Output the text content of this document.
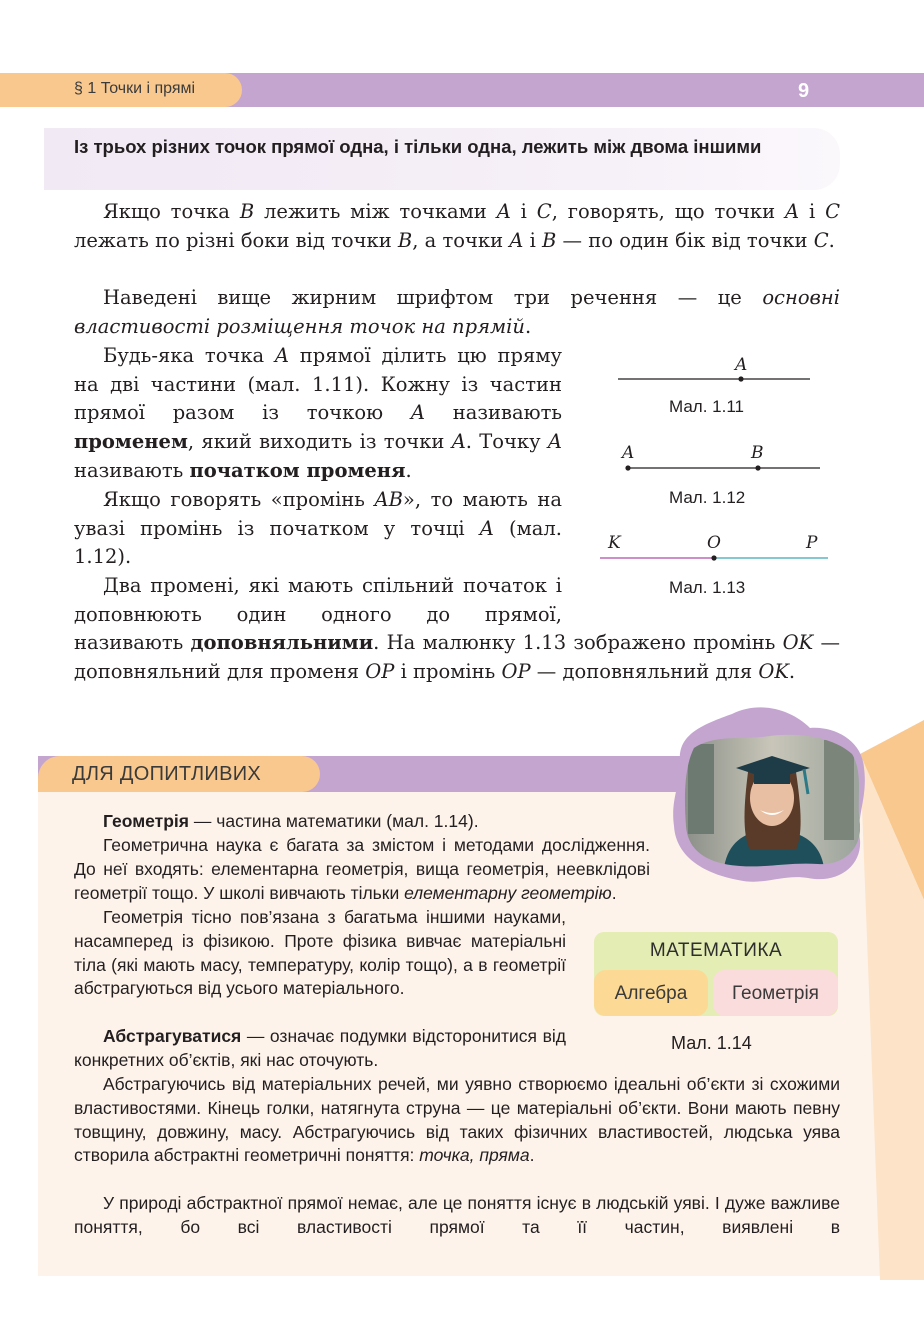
§ 1 Точки і прямі	9
Із трьох різних точок прямої одна, і тільки одна, лежить між двома іншими
Якщо точка B лежить між точками A і C, говорять, що точки A і C лежать по різні боки від точки B, а точки A і B — по один бік від точки C.
Наведені вище жирним шрифтом три речення — це основні властивості розміщення точок на прямій.
Будь-яка точка A прямої ділить цю пряму на дві частини (мал. 1.11). Кожну із частин прямої разом із точкою A називають променем, який виходить із точки A. Точку A називають початком променя.
Якщо говорять «промінь AB», то мають на увазі промінь із початком у точці A (мал. 1.12).
Два промені, які мають спільний початок і доповнюють один одного до прямої, називають доповняльними. На малюнку 1.13 зображено промінь OK — доповняльний для променя OP і промінь OP — доповняльний для OK.
A
A	B
K	O	P
Мал. 1.11
Мал. 1.12
Мал. 1.13
ДЛЯ ДОПИТЛИВИХ
Геометрія — частина математики (мал. 1.14).
Геометрична наука є багата за змістом і методами дослідження. До неї входять: елементарна геометрія, вища геометрія, неевклідові геометрії тощо. У школі вивчають тільки елементарну геометрію.
Геометрія тісно пов’язана з багатьма іншими науками, насамперед із фізикою. Проте фізика вивчає матеріальні тіла (які мають масу, температуру, колір тощо), а в геометрії абстрагуються від усього матеріального.
Абстрагуватися — означає подумки відсторонитися від конкретних об’єктів, які нас оточують.
Абстрагуючись від матеріальних речей, ми уявно створюємо ідеальні об’єкти зі схожими властивостями. Кінець голки, натягнута струна — це матеріальні об’єкти. Вони мають певну товщину, довжину, масу. Абстрагуючись від таких фізичних властивостей, людська уява створила абстрактні геометричні поняття: точка, пряма.
У природі абстрактної прямої немає, але це поняття існує в людській уяві. І дуже важливе поняття, бо всі властивості прямої та її частин, виявлені в
МАТЕМАТИКА
Алгебра	Геометрія
Мал. 1.14
